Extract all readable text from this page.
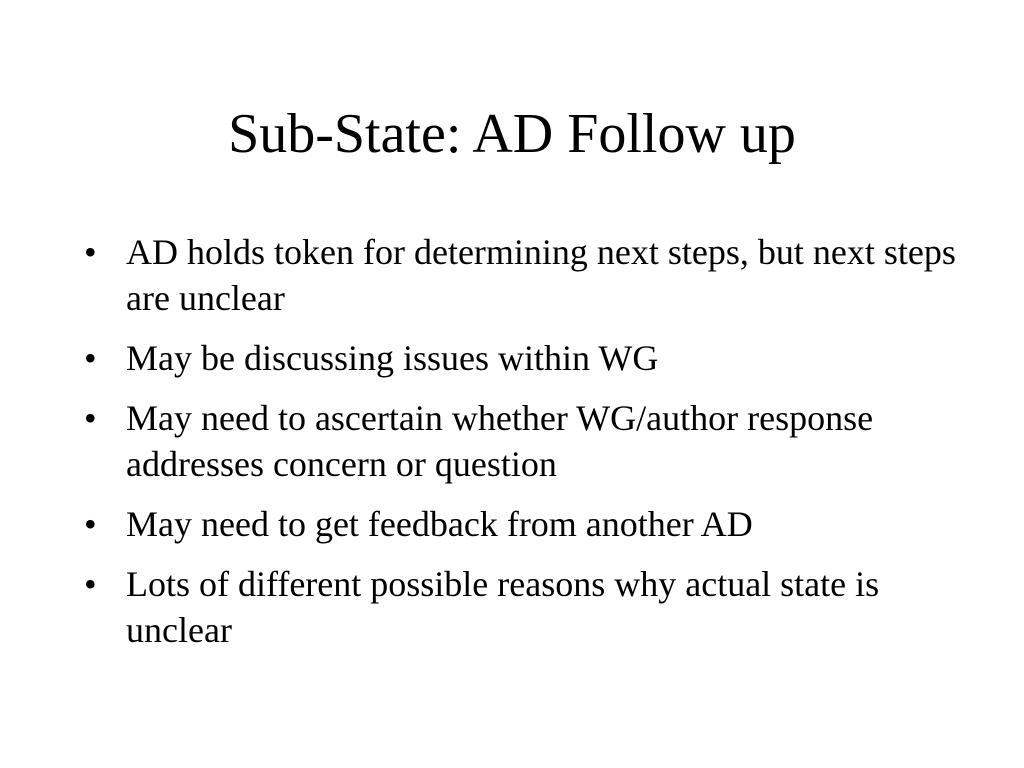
Sub-State: AD Follow up
• AD holds token for determining next steps, but next steps are unclear
• May be discussing issues within WG
• May need to ascertain whether WG/author response addresses concern or question
• May need to get feedback from another AD
• Lots of different possible reasons why actual state is unclear
